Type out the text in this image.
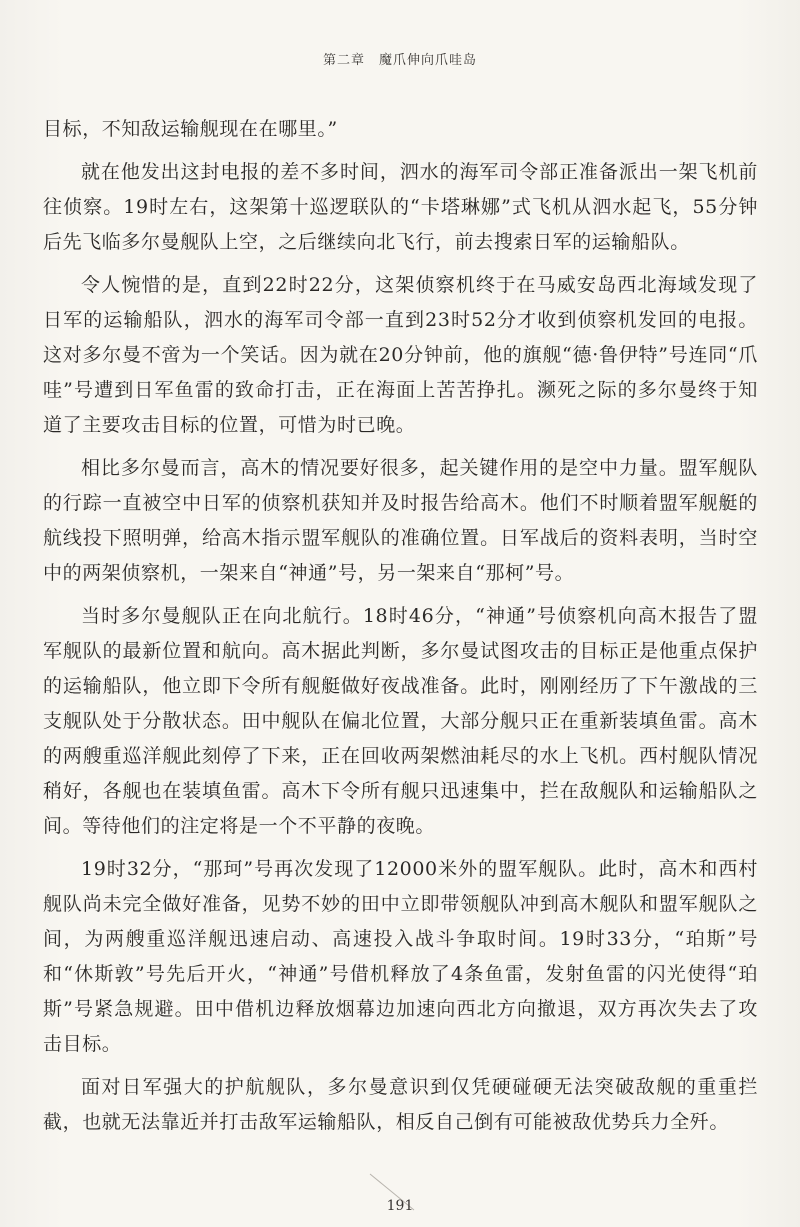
第二章　魔爪伸向爪哇岛

目标，不知敌运输舰现在在哪里。”

就在他发出这封电报的差不多时间，泗水的海军司令部正准备派出一架飞机前往侦察。19时左右，这架第十巡逻联队的“卡塔琳娜”式飞机从泗水起飞，55分钟后先飞临多尔曼舰队上空，之后继续向北飞行，前去搜索日军的运输船队。

令人惋惜的是，直到22时22分，这架侦察机终于在马威安岛西北海域发现了日军的运输船队，泗水的海军司令部一直到23时52分才收到侦察机发回的电报。这对多尔曼不啻为一个笑话。因为就在20分钟前，他的旗舰“德·鲁伊特”号连同“爪哇”号遭到日军鱼雷的致命打击，正在海面上苦苦挣扎。濒死之际的多尔曼终于知道了主要攻击目标的位置，可惜为时已晚。

相比多尔曼而言，高木的情况要好很多，起关键作用的是空中力量。盟军舰队的行踪一直被空中日军的侦察机获知并及时报告给高木。他们不时顺着盟军舰艇的航线投下照明弹，给高木指示盟军舰队的准确位置。日军战后的资料表明，当时空中的两架侦察机，一架来自“神通”号，另一架来自“那柯”号。

当时多尔曼舰队正在向北航行。18时46分，“神通”号侦察机向高木报告了盟军舰队的最新位置和航向。高木据此判断，多尔曼试图攻击的目标正是他重点保护的运输船队，他立即下令所有舰艇做好夜战准备。此时，刚刚经历了下午激战的三支舰队处于分散状态。田中舰队在偏北位置，大部分舰只正在重新装填鱼雷。高木的两艘重巡洋舰此刻停了下来，正在回收两架燃油耗尽的水上飞机。西村舰队情况稍好，各舰也在装填鱼雷。高木下令所有舰只迅速集中，拦在敌舰队和运输船队之间。等待他们的注定将是一个不平静的夜晚。

19时32分，“那珂”号再次发现了12000米外的盟军舰队。此时，高木和西村舰队尚未完全做好准备，见势不妙的田中立即带领舰队冲到高木舰队和盟军舰队之间，为两艘重巡洋舰迅速启动、高速投入战斗争取时间。19时33分，“珀斯”号和“休斯敦”号先后开火，“神通”号借机释放了4条鱼雷，发射鱼雷的闪光使得“珀斯”号紧急规避。田中借机边释放烟幕边加速向西北方向撤退，双方再次失去了攻击目标。

面对日军强大的护航舰队，多尔曼意识到仅凭硬碰硬无法突破敌舰的重重拦截，也就无法靠近并打击敌军运输船队，相反自己倒有可能被敌优势兵力全歼。

191
